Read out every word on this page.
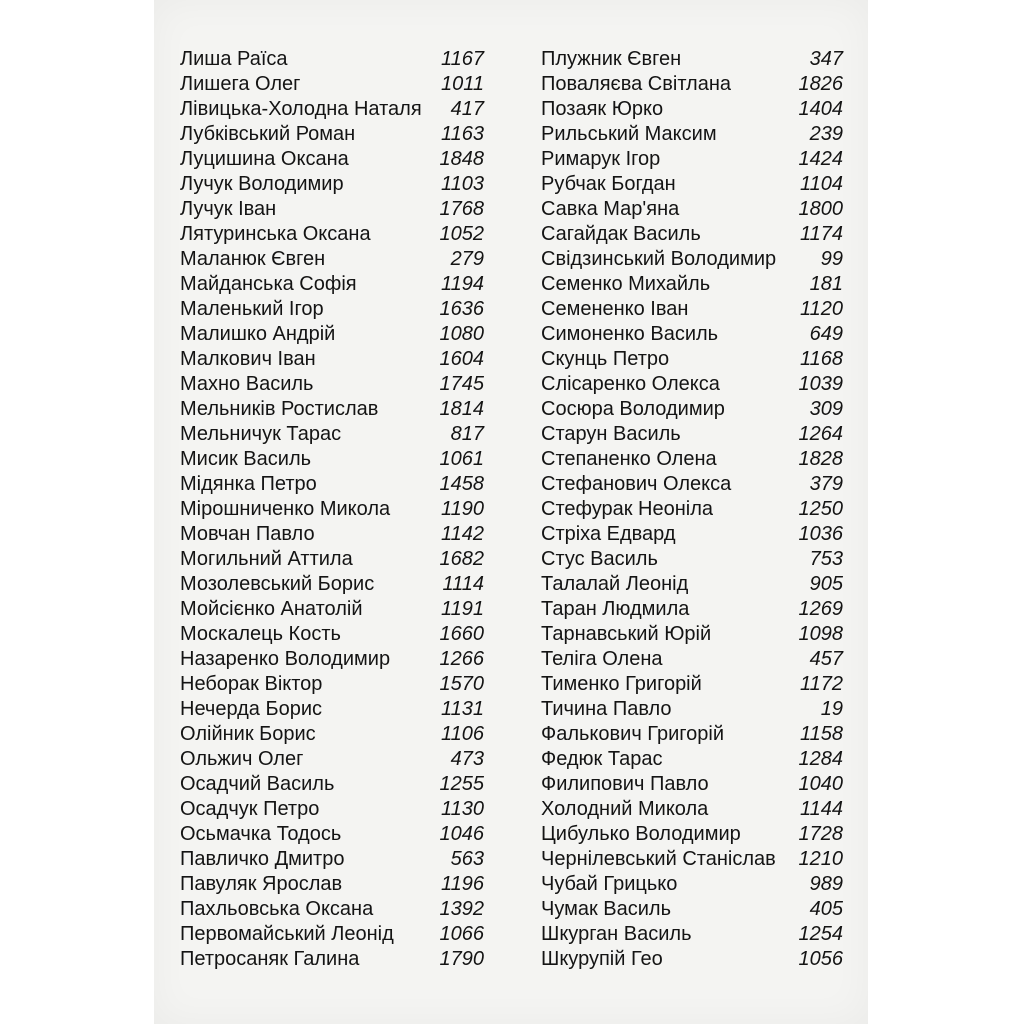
Лиша Раїса	1167
Лишега Олег	1011
Лівицька-Холодна Наталя 417
Лубківський Роман	1163
Луцишина Оксана	1848
Лучук Володимир	1103
Лучук Іван	1768
Лятуринська Оксана	1052
Маланюк Євген	279
Майданська Софія	1194
Маленький Ігор	1636
Малишко Андрій	1080
Малкович Іван	1604
Махно Василь	1745
Мельників Ростислав	1814
Мельничук Тарас	817
Мисик Василь	1061
Мідянка Петро	1458
Мірошниченко Микола	1190
Мовчан Павло	1142
Могильний Аттила	1682
Мозолевський Борис	1114
Мойсієнко Анатолій	1191
Москалець Кость	1660
Назаренко Володимир 1266
Неборак Віктор	1570
Нечерда Борис	1131
Олійник Борис	1106
Ольжич Олег	473
Осадчий Василь	1255
Осадчук Петро	1130
Осьмачка Тодось	1046
Павличко Дмитро	563
Павуляк Ярослав	1196
Пахльовська Оксана	1392
Первомайський Леонід 1066
Петросаняк Галина	1790
Плужник Євген	347
Поваляєва Світлана	1826
Позаяк Юрко	1404
Рильський Максим	239
Римарук Ігор	1424
Рубчак Богдан	1104
Савка Мар'яна	1800
Сагайдак Василь	1174
Свідзинський Володимир 99
Семенко Михайль	181
Семененко Іван	1120
Симоненко Василь	649
Скунць Петро	1168
Слісаренко Олекса	1039
Сосюра Володимир	309
Старун Василь	1264
Степаненко Олена	1828
Стефанович Олекса	379
Стефурак Неоніла	1250
Стріха Едвард	1036
Стус Василь	753
Талалай Леонід	905
Таран Людмила	1269
Тарнавський Юрій	1098
Теліга Олена	457
Тименко Григорій	1172
Тичина Павло	19
Фалькович Григорій	1158
Федюк Тарас	1284
Филипович Павло	1040
Холодний Микола	1144
Цибулько Володимир	1728
Чернілевський Станіслав 1210
Чубай Грицько	989
Чумак Василь	405
Шкурган Василь	1254
Шкурупій Гео	1056
